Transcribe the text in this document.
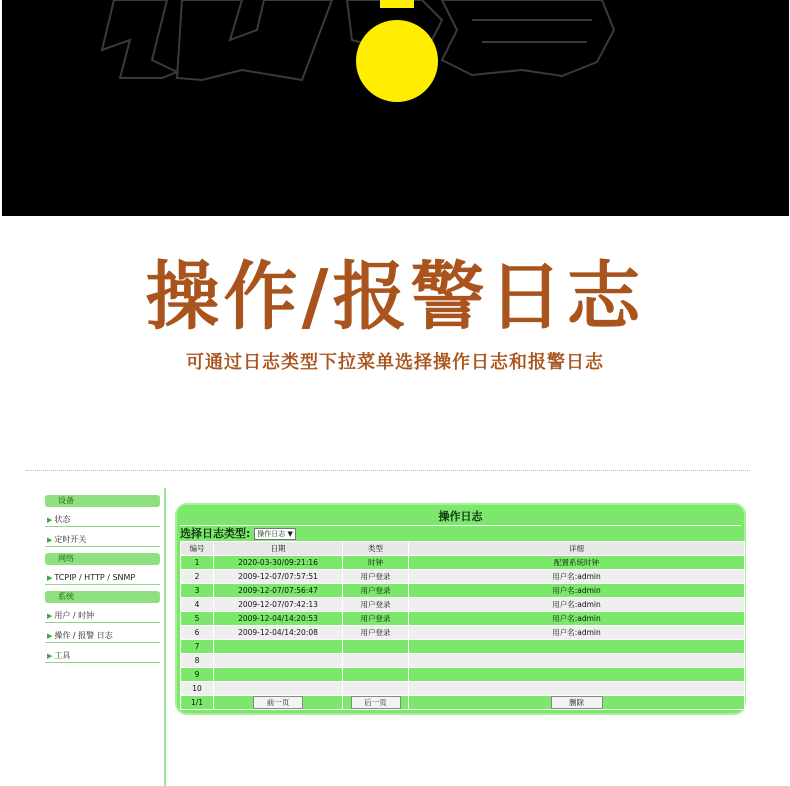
操作/报警日志
可通过日志类型下拉菜单选择操作日志和报警日志
设备
▶ 状态
▶ 定时开关
网络
▶ TCPIP / HTTP / SNMP
系统
▶ 用户 / 时钟
▶ 操作 / 报警 日志
▶ 工具
操作日志
选择日志类型: 操作日志 ▼
编号	日期	类型	详细
1	2020-03-30/09:21:16	时钟	配置系统时钟
2	2009-12-07/07:57:51	用户登录	用户名:admin
3	2009-12-07/07:56:47	用户登录	用户名:admin
4	2009-12-07/07:42:13	用户登录	用户名:admin
5	2009-12-04/14:20:53	用户登录	用户名:admin
6	2009-12-04/14:20:08	用户登录	用户名:admin
7			
8			
9			
10			
1/1	前一页	后一页	删除
